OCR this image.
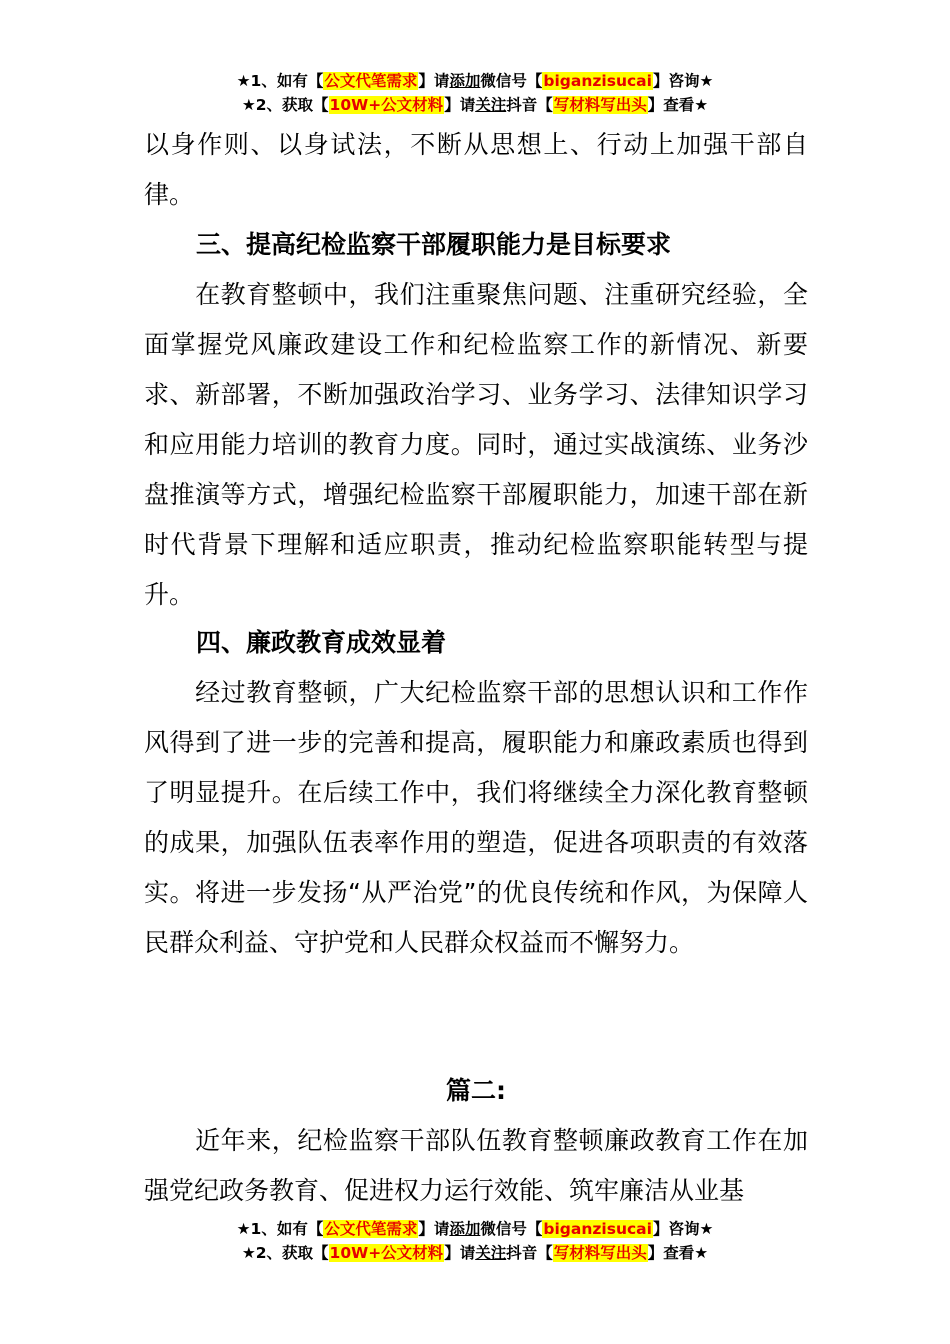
★1、如有【公文代笔需求】请添加微信号【biganzisucai】咨询★
★2、获取【10W+公文材料】请关注抖音【写材料写出头】查看★

以身作则、以身试法，不断从思想上、行动上加强干部自律。

三、提高纪检监察干部履职能力是目标要求

　　在教育整顿中，我们注重聚焦问题、注重研究经验，全面掌握党风廉政建设工作和纪检监察工作的新情况、新要求、新部署，不断加强政治学习、业务学习、法律知识学习和应用能力培训的教育力度。同时，通过实战演练、业务沙盘推演等方式，增强纪检监察干部履职能力，加速干部在新时代背景下理解和适应职责，推动纪检监察职能转型与提升。

四、廉政教育成效显着

　　经过教育整顿，广大纪检监察干部的思想认识和工作作风得到了进一步的完善和提高，履职能力和廉政素质也得到了明显提升。在后续工作中，我们将继续全力深化教育整顿的成果，加强队伍表率作用的塑造，促进各项职责的有效落实。将进一步发扬“从严治党”的优良传统和作风，为保障人民群众利益、守护党和人民群众权益而不懈努力。

篇二:

　　近年来，纪检监察干部队伍教育整顿廉政教育工作在加强党纪政务教育、促进权力运行效能、筑牢廉洁从业基

★1、如有【公文代笔需求】请添加微信号【biganzisucai】咨询★
★2、获取【10W+公文材料】请关注抖音【写材料写出头】查看★
